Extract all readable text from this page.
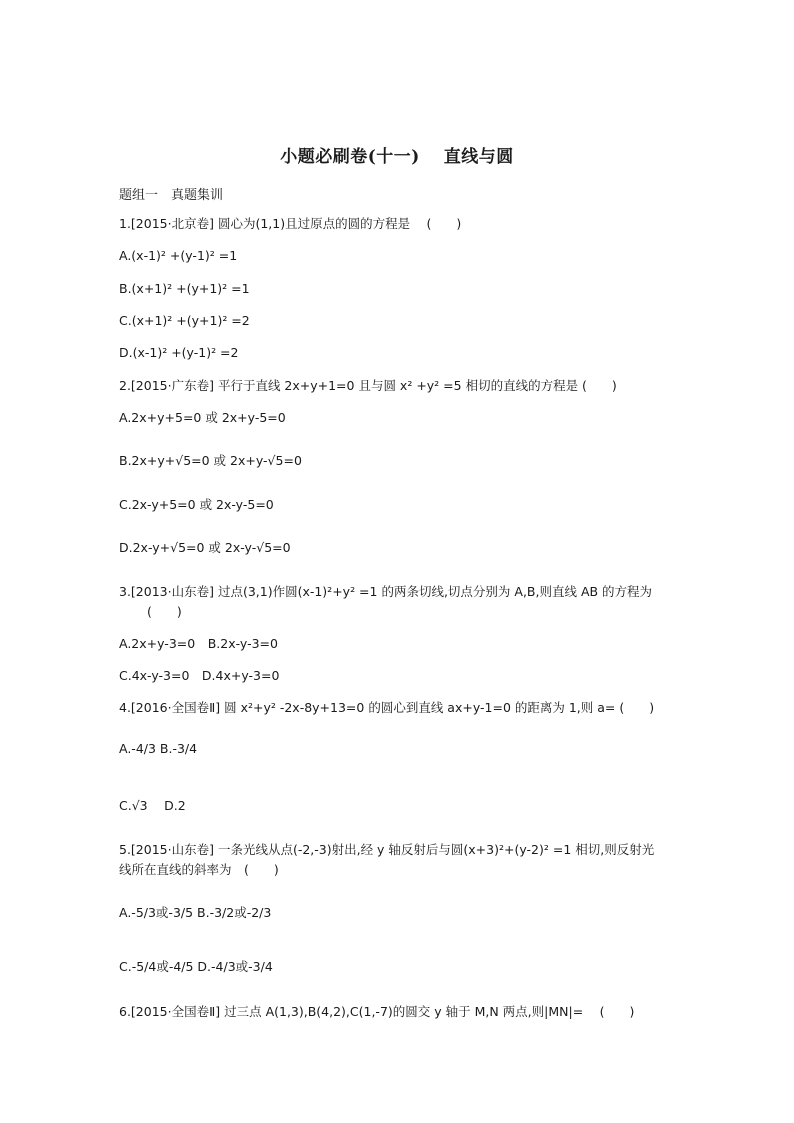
小题必刷卷(十一)　 直线与圆
题组一　真题集训
1.[2015·北京卷] 圆心为(1,1)且过原点的圆的方程是　 (　　)
A.(x-1)² +(y-1)² =1
B.(x+1)² +(y+1)² =1
C.(x+1)² +(y+1)² =2
D.(x-1)² +(y-1)² =2
2.[2015·广东卷] 平行于直线 2x+y+1=0 且与圆 x² +y² =5 相切的直线的方程是 (　　)
A.2x+y+5=0 或 2x+y-5=0
B.2x+y+√5=0 或 2x+y-√5=0
C.2x-y+5=0 或 2x-y-5=0
D.2x-y+√5=0 或 2x-y-√5=0
3.[2013·山东卷] 过点(3,1)作圆(x-1)²+y² =1 的两条切线,切点分别为 A,B,则直线 AB 的方程为
(　　)
A.2x+y-3=0　B.2x-y-3=0
C.4x-y-3=0　D.4x+y-3=0
4.[2016·全国卷Ⅱ] 圆 x²+y² -2x-8y+13=0 的圆心到直线 ax+y-1=0 的距离为 1,则 a= (　　)
A.-4/3 B.-3/4
C.√3　 D.2
5.[2015·山东卷] 一条光线从点(-2,-3)射出,经 y 轴反射后与圆(x+3)²+(y-2)² =1 相切,则反射光
线所在直线的斜率为　(　　)
A.-5/3或-3/5 B.-3/2或-2/3
C.-5/4或-4/5 D.-4/3或-3/4
6.[2015·全国卷Ⅱ] 过三点 A(1,3),B(4,2),C(1,-7)的圆交 y 轴于 M,N 两点,则|MN|=　 (　　)
